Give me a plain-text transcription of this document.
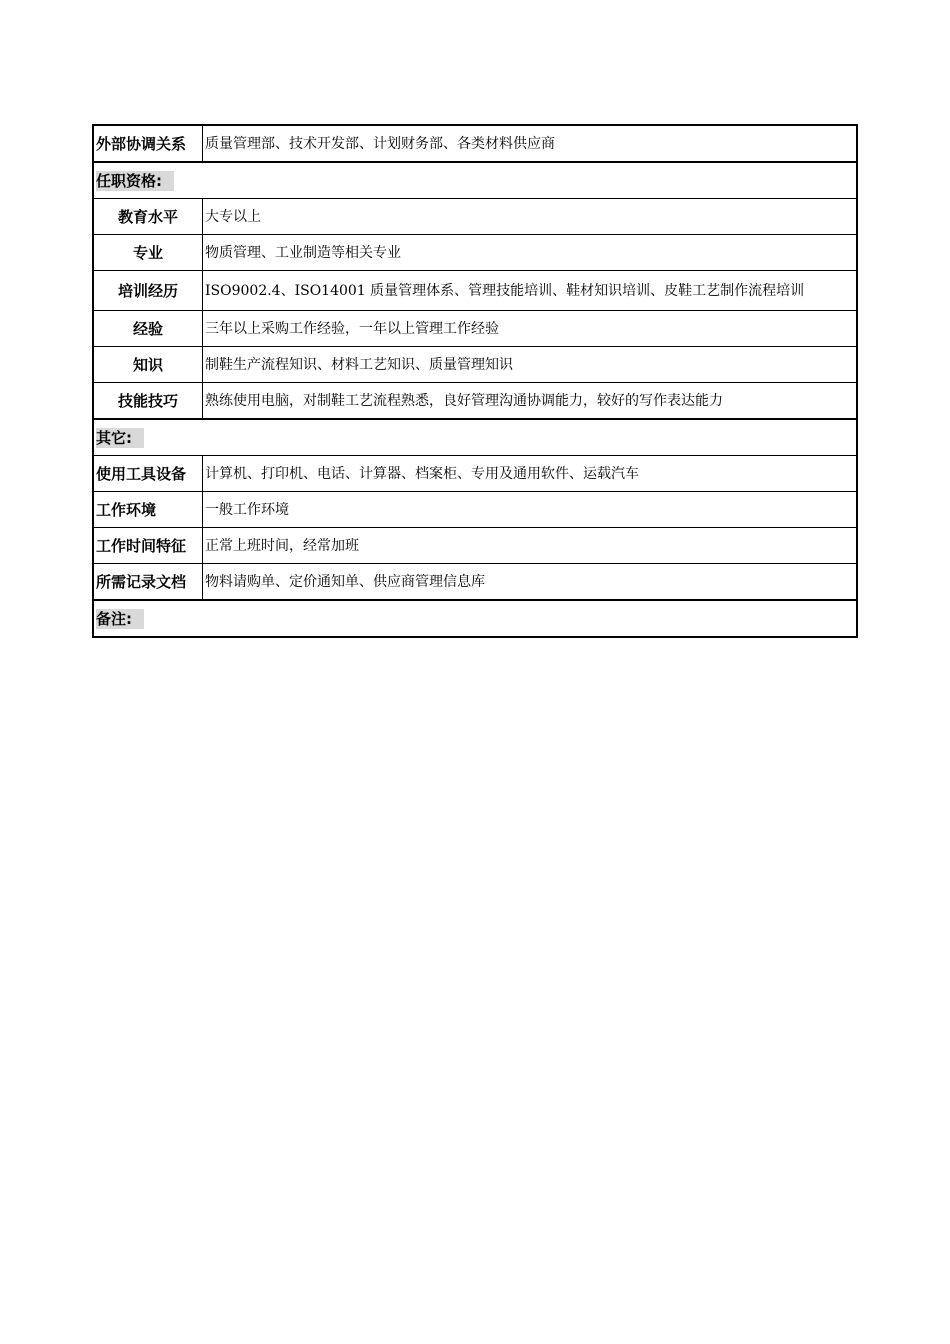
外部协调关系	质量管理部、技术开发部、计划财务部、各类材料供应商
任职资格:	
教育水平	大专以上
专业	物质管理、工业制造等相关专业
培训经历	ISO9002.4、ISO14001 质量管理体系、管理技能培训、鞋材知识培训、皮鞋工艺制作流程培训
经验	三年以上采购工作经验，一年以上管理工作经验
知识	制鞋生产流程知识、材料工艺知识、质量管理知识
技能技巧	熟练使用电脑，对制鞋工艺流程熟悉，良好管理沟通协调能力，较好的写作表达能力
其它:	
使用工具设备	计算机、打印机、电话、计算器、档案柜、专用及通用软件、运载汽车
工作环境	一般工作环境
工作时间特征	正常上班时间，经常加班
所需记录文档	物料请购单、定价通知单、供应商管理信息库
备注:	
